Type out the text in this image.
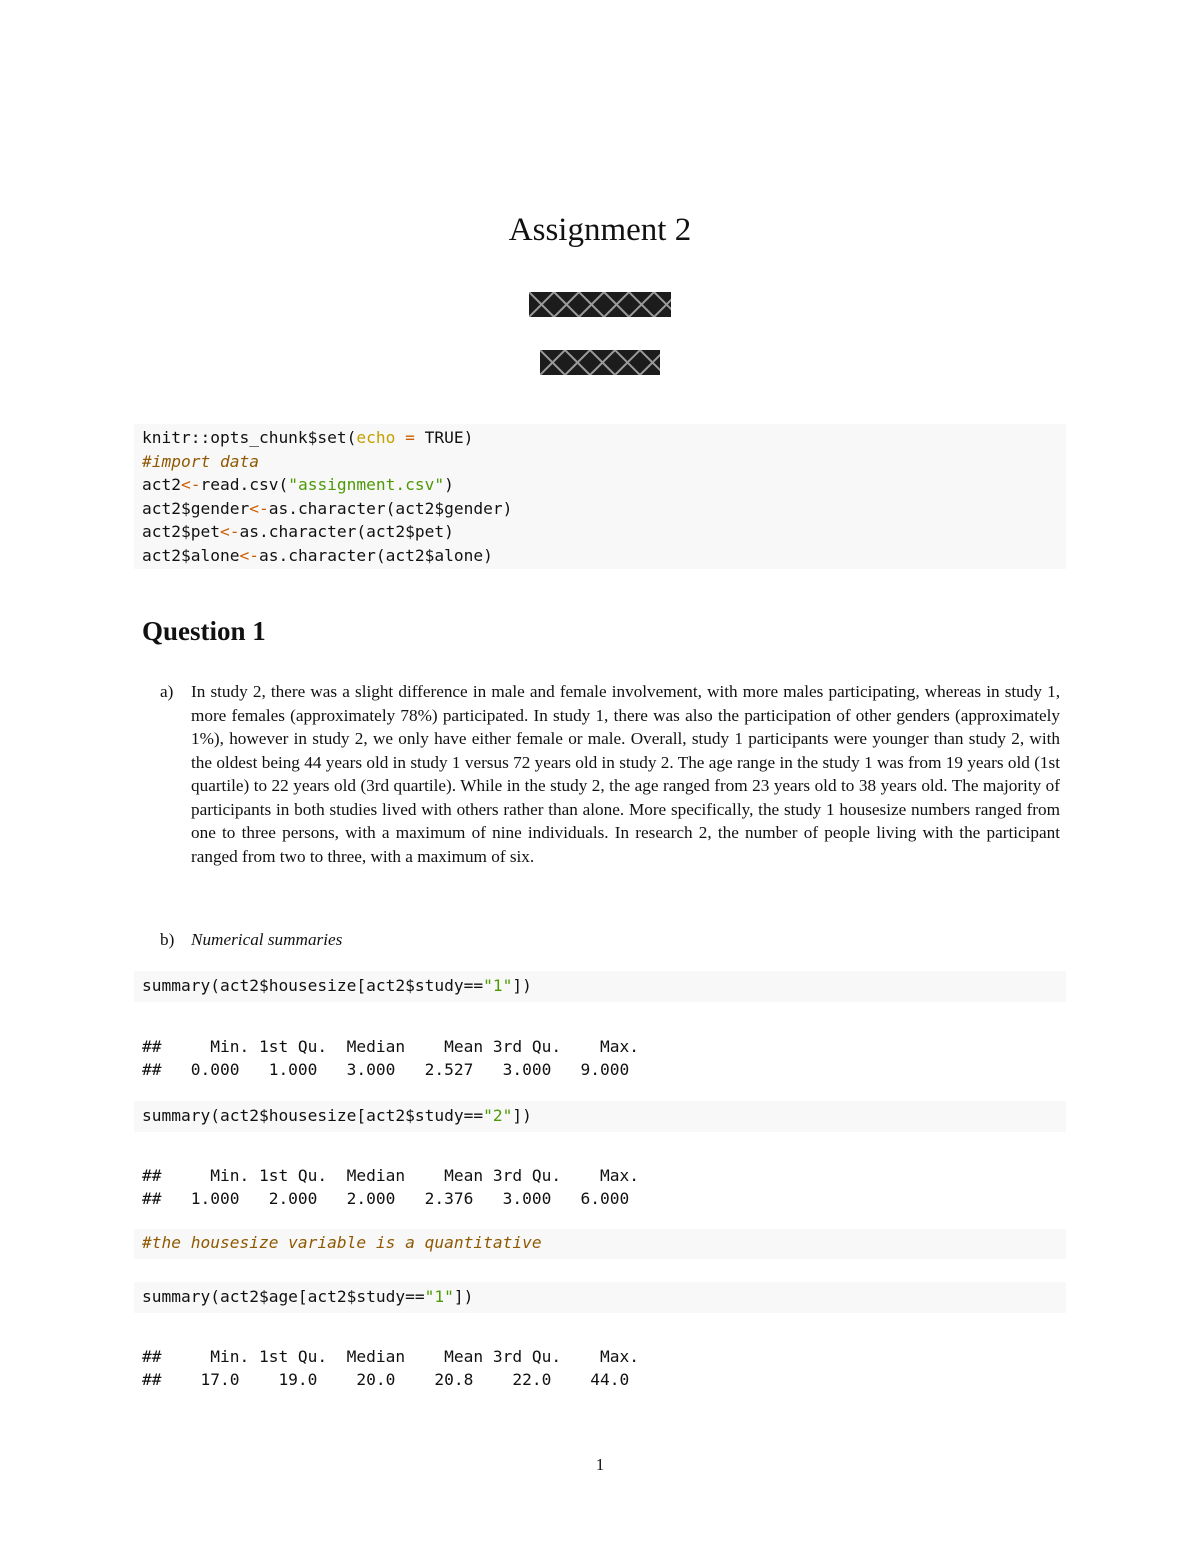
Assignment 2
knitr::opts_chunk$set(echo = TRUE)
#import data
act2<-read.csv("assignment.csv")
act2$gender<-as.character(act2$gender)
act2$pet<-as.character(act2$pet)
act2$alone<-as.character(act2$alone)
Question 1
a) In study 2, there was a slight difference in male and female involvement, with more males participating, whereas in study 1, more females (approximately 78%) participated. In study 1, there was also the participation of other genders (approximately 1%), however in study 2, we only have either female or male. Overall, study 1 participants were younger than study 2, with the oldest being 44 years old in study 1 versus 72 years old in study 2. The age range in the study 1 was from 19 years old (1st quartile) to 22 years old (3rd quartile). While in the study 2, the age ranged from 23 years old to 38 years old. The majority of participants in both studies lived with others rather than alone. More specifically, the study 1 housesize numbers ranged from one to three persons, with a maximum of nine individuals. In research 2, the number of people living with the participant ranged from two to three, with a maximum of six.
b) Numerical summaries
summary(act2$housesize[act2$study=="1"])
##     Min. 1st Qu.  Median    Mean 3rd Qu.    Max.
##   0.000   1.000   3.000   2.527   3.000   9.000
summary(act2$housesize[act2$study=="2"])
##     Min. 1st Qu.  Median    Mean 3rd Qu.    Max.
##   1.000   2.000   2.000   2.376   3.000   6.000
#the housesize variable is a quantitative
summary(act2$age[act2$study=="1"])
##     Min. 1st Qu.  Median    Mean 3rd Qu.    Max.
##    17.0    19.0    20.0    20.8    22.0    44.0
1
